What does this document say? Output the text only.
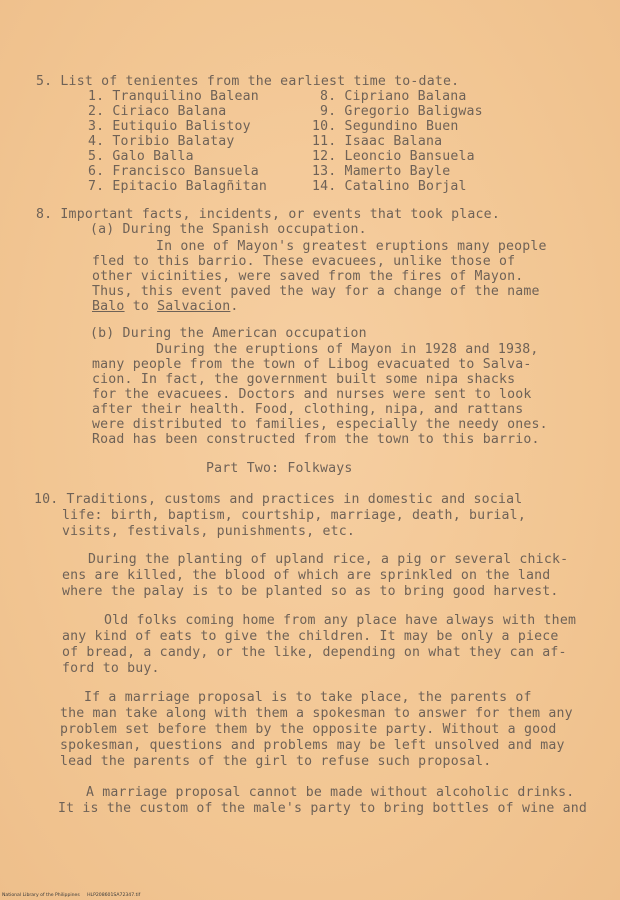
5. List of tenientes from the earliest time to-date.
1. Tranquilino Balean
2. Ciriaco Balana
3. Eutiquio Balistoy
4. Toribio Balatay
5. Galo Balla
6. Francisco Bansuela
7. Epitacio Balagñitan
8. Cipriano Balana
9. Gregorio Baligwas
10. Segundino Buen
11. Isaac Balana
12. Leoncio Bansuela
13. Mamerto Bayle
14. Catalino Borjal
8. Important facts, incidents, or events that took place.
(a) During the Spanish occupation.
In one of Mayon's greatest eruptions many people
fled to this barrio. These evacuees, unlike those of
other vicinities, were saved from the fires of Mayon.
Thus, this event paved the way for a change of the name
Balo to Salvacion.
(b) During the American occupation
During the eruptions of Mayon in 1928 and 1938,
many people from the town of Libog evacuated to Salva-
cion. In fact, the government built some nipa shacks
for the evacuees. Doctors and nurses were sent to look
after their health. Food, clothing, nipa, and rattans
were distributed to families, especially the needy ones.
Road has been constructed from the town to this barrio.
Part Two: Folkways
10. Traditions, customs and practices in domestic and social
life: birth, baptism, courtship, marriage, death, burial,
visits, festivals, punishments, etc.
During the planting of upland rice, a pig or several chick-
ens are killed, the blood of which are sprinkled on the land
where the palay is to be planted so as to bring good harvest.
Old folks coming home from any place have always with them
any kind of eats to give the children. It may be only a piece
of bread, a candy, or the like, depending on what they can af-
ford to buy.
If a marriage proposal is to take place, the parents of
the man take along with them a spokesman to answer for them any
problem set before them by the opposite party. Without a good
spokesman, questions and problems may be left unsolved and may
lead the parents of the girl to refuse such proposal.
A marriage proposal cannot be made without alcoholic drinks.
It is the custom of the male's party to bring bottles of wine and
National Library of the Philippines     HLP208601SA72347.tif
